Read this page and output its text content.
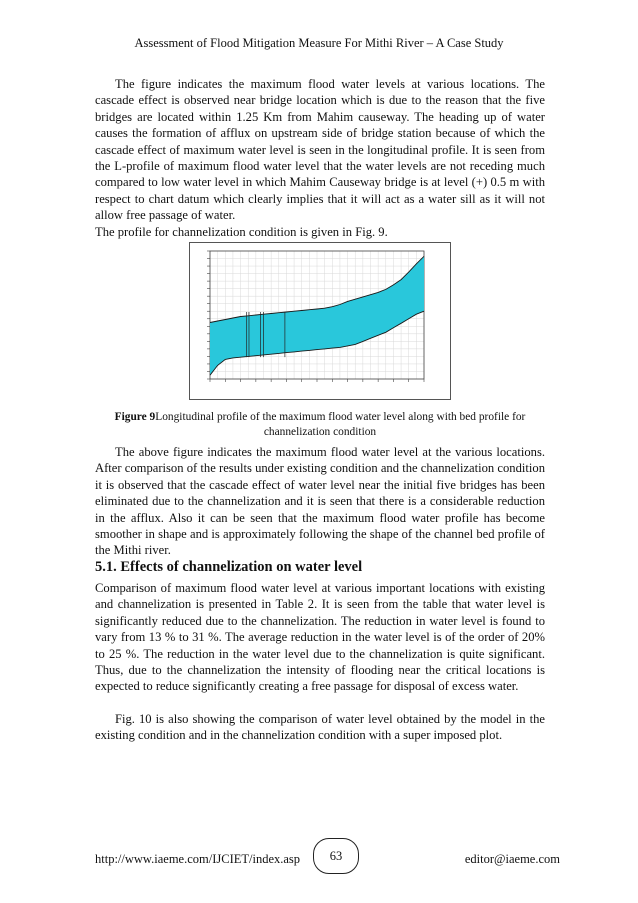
Assessment of Flood Mitigation Measure For Mithi River – A Case Study

The figure indicates the maximum flood water levels at various locations. The cascade effect is observed near bridge location which is due to the reason that the five bridges are located within 1.25 Km from Mahim causeway. The heading up of water causes the formation of afflux on upstream side of bridge station because of which the cascade effect of maximum water level is seen in the longitudinal profile. It is seen from the L-profile of maximum flood water level that the water levels are not receding much compared to low water level in which Mahim Causeway bridge is at level (+) 0.5 m with respect to chart datum which clearly implies that it will act as a water sill as it will not allow free passage of water.

The profile for channelization condition is given in Fig. 9.

Figure 9Longitudinal profile of the maximum flood water level along with bed profile for channelization condition

The above figure indicates the maximum flood water level at the various locations. After comparison of the results under existing condition and the channelization condition it is observed that the cascade effect of water level near the initial five bridges has been eliminated due to the channelization and it is seen that there is a considerable reduction in the afflux. Also it can be seen that the maximum flood water profile has become smoother in shape and is approximately following the shape of the channel bed profile of the Mithi river.

5.1. Effects of channelization on water level

Comparison of maximum flood water level at various important locations with existing and channelization is presented in Table 2. It is seen from the table that water level is significantly reduced due to the channelization. The reduction in water level is found to vary from 13 % to 31 %. The average reduction in the water level is of the order of 20% to 25 %. The reduction in the water level due to the channelization is quite significant. Thus, due to the channelization the intensity of flooding near the critical locations is expected to reduce significantly creating a free passage for disposal of excess water.

Fig. 10 is also showing the comparison of water level obtained by the model in the existing condition and in the channelization condition with a super imposed plot.

http://www.iaeme.com/IJCIET/index.asp	63	editor@iaeme.com
